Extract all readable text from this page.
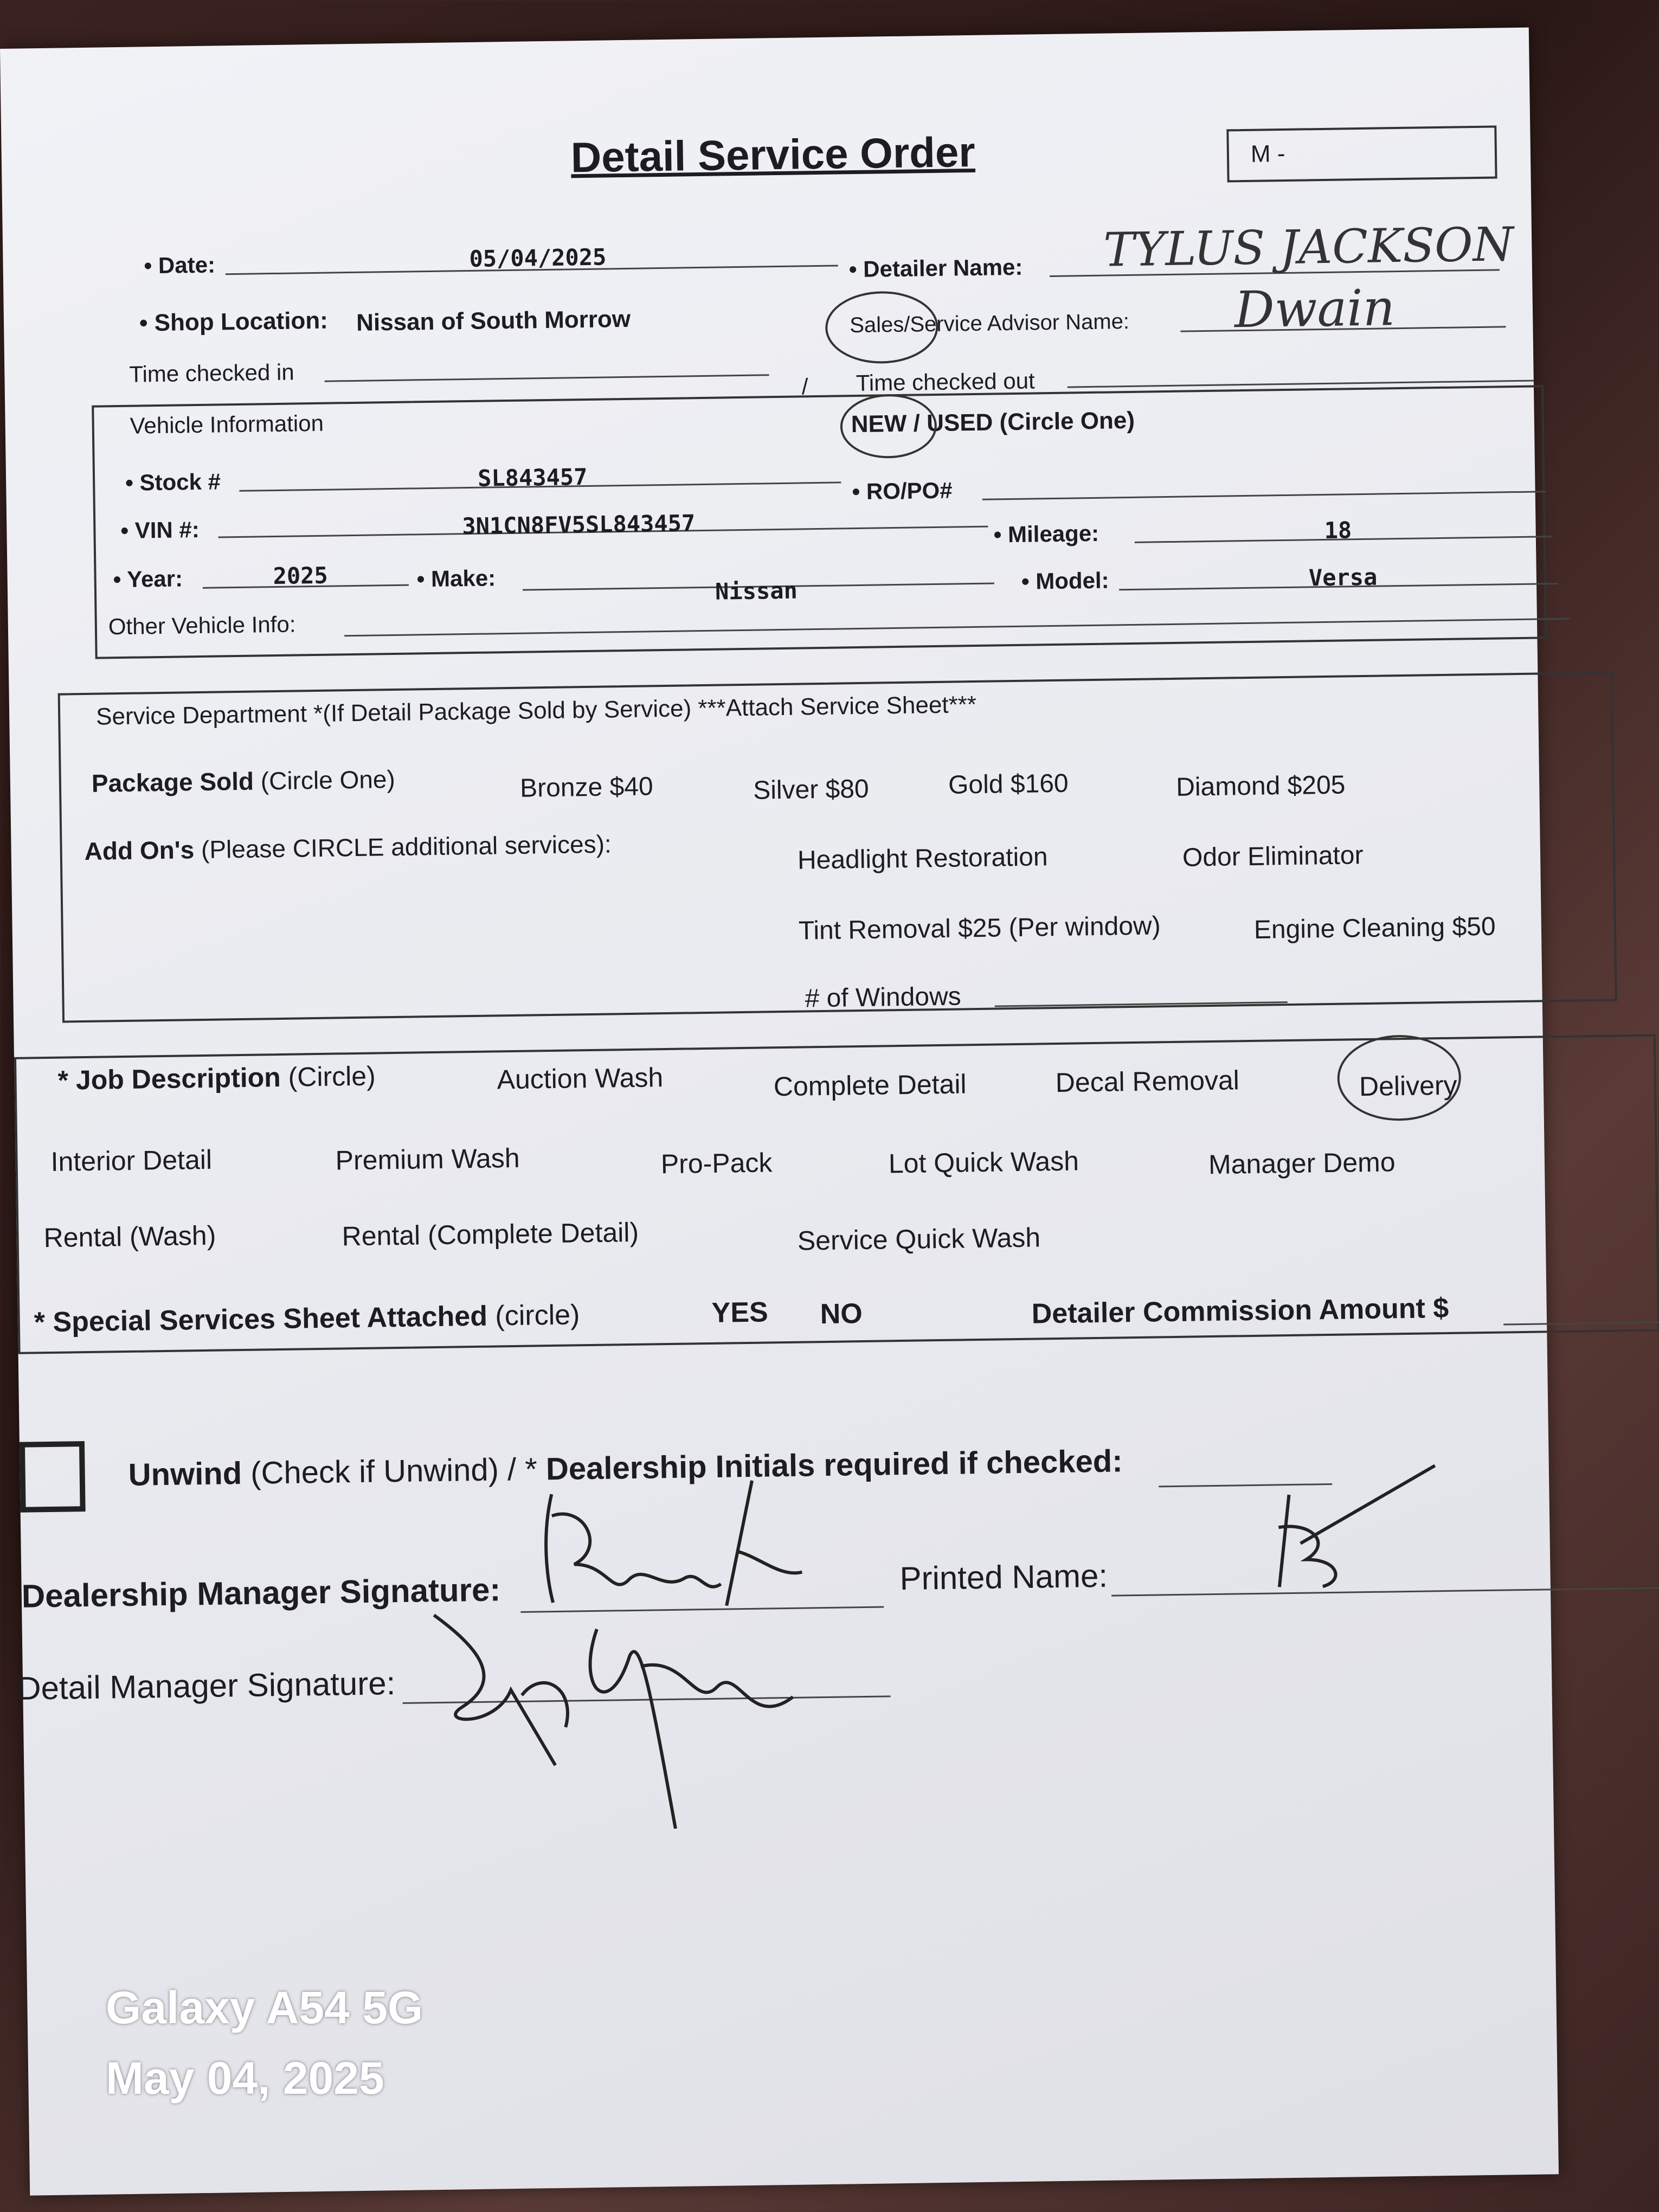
Detail Service Order	M -
• Date:	05/04/2025	• Detailer Name: TYLUS JACKSON
• Shop Location: Nissan of South Morrow	Sales/Service Advisor Name: Dwain
Time checked in	/ Time checked out
Vehicle Information	NEW / USED (Circle One)
• Stock #	SL843457	• RO/PO#
• VIN #:	3N1CN8FV5SL843457	• Mileage:	18
• Year:	2025	• Make:	Nissan	• Model:	Versa
Other Vehicle Info:
Service Department *(If Detail Package Sold by Service) ***Attach Service Sheet***
Package Sold (Circle One)	Bronze $40	Silver $80	Gold $160	Diamond $205
Add On's (Please CIRCLE additional services):	Headlight Restoration	Odor Eliminator
Tint Removal $25 (Per window)	Engine Cleaning $50
# of Windows
* Job Description (Circle)	Auction Wash	Complete Detail	Decal Removal	Delivery
Interior Detail	Premium Wash	Pro-Pack	Lot Quick Wash	Manager Demo
Rental (Wash)	Rental (Complete Detail)	Service Quick Wash
* Special Services Sheet Attached (circle)	YES NO	Detailer Commission Amount $
Unwind (Check if Unwind) / * Dealership Initials required if checked:
Dealership Manager Signature:	Printed Name:
Detail Manager Signature:
Galaxy A54 5G
May 04, 2025
